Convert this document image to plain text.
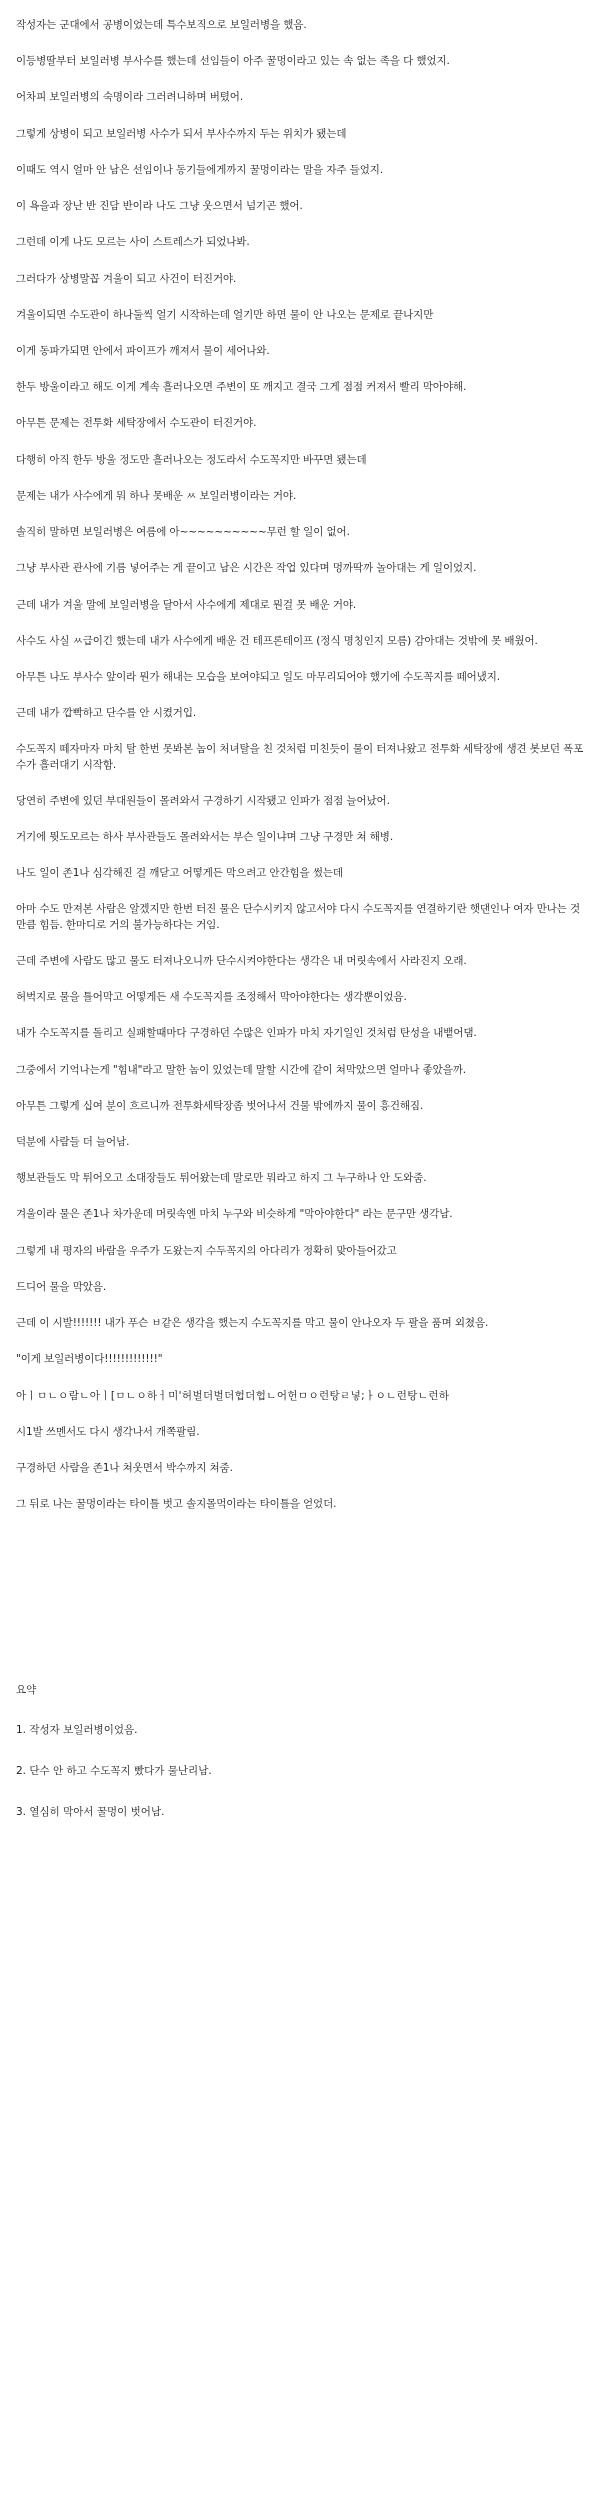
작성자는 군대에서 공병이었는데 특수보직으로 보일러병을 했음.

이등병딸부터 보일러병 부사수를 했는데 선임들이 아주 꿀멍이라고 있는 속 없는 족을 다 했었지.

어차피 보일러병의 숙명이라 그러려니하며 버텼어.

그렇게 상병이 되고 보일러병 사수가 되서 부사수까지 두는 위치가 됐는데

이때도 역시 얼마 안 남은 선임이나 동기들에게까지 꿀멍이라는 말을 자주 들었지.

이 욕을과 장난 반 진담 반이라 나도 그냥 웃으면서 넘기곤 했어.

그런데 이게 나도 모르는 사이 스트레스가 되었나봐.

그러다가 상병말꼽 겨울이 되고 사건이 터진거야.

겨울이되면 수도관이 하나둘씩 얼기 시작하는데 얼기만 하면 물이 안 나오는 문제로 끝나지만

이게 동파가되면 안에서 파이프가 깨져서 물이 세어나와.

한두 방울이라고 해도 이게 계속 흘러나오면 주변이 또 깨지고 결국 그게 점점 커져서 빨리 막아야해.

아무튼 문제는 전투화 세탁장에서 수도관이 터진거야.

다행히 아직 한두 방울 정도만 흘러나오는 정도라서 수도꼭지만 바꾸면 됐는데

문제는 내가 사수에게 뭐 하나 못배운 ㅆ 보일러병이라는 거야.

솔직히 말하면 보일러병은 여름에 아~~~~~~~~~~무런 할 일이 없어.

그냥 부사관 관사에 기름 넣어주는 게 끝이고 남은 시간은 작업 있다며 멍까딱까 놀아대는 게 일이었지.

근데 내가 겨울 말에 보일러병을 달아서 사수에게 제대로 뭔걸 못 배운 거야.

사수도 사실 ㅆ급이긴 했는데 내가 사수에게 배운 건 테프론테이프 (정식 명칭인지 모름) 감아대는 것밖에 못 배웠어.

아무튼 나도 부사수 앞이라 뭔가 해내는 모습을 보여야되고 일도 마무리되어야 했기에 수도꼭지를 떼어냈지.

근데 내가 깝빡하고 단수를 안 시켰거입.

수도꼭지 떼자마자 마치 탈 한번 못봐본 놈이 처녀탈을 친 것처럼 미친듯이 물이 터져나왔고 전투화 세탁장에 생견 봇보던 폭포수가 흘러대기 시작함.

당연히 주변에 있던 부대원들이 몰려와서 구경하기 시작됐고 인파가 점점 늘어났어.

거기에 뭣도모르는 하사 부사관들도 몰려와서는 부슨 일이냐며 그냥 구경만 쳐 해병.

나도 일이 존1나 심각해진 걸 깨닫고 어떻게든 막으려고 안간힘을 썼는데

아마 수도 만져본 사람은 알겠지만 한번 터진 물은 단수시키지 않고서야 다시 수도꼭지를 연결하기란 햇댄인나 여자 만나는 것만큼 힘듬. 한마디로 거의 불가능하다는 거임.

근데 주변에 사람도 많고 물도 터져나오니까 단수시켜야한다는 생각은 내 머릿속에서 사라진지 오래.

허벅지로 물을 틀어막고 어떻게든 새 수도꼭지를 조정해서 막아야한다는 생각뿐이었음.

내가 수도꼭지를 돌리고 실패할때마다 구경하던 수많은 인파가 마치 자기일인 것처럼 탄성을 내뱉어댐.

그중에서 기억나는게 "힘내"라고 말한 놈이 있었는데 말할 시간에 같이 쳐막았으면 얼마나 좋았을까.

아무튼 그렇게 십여 분이 흐르니까 전투화세탁장좀 벗어나서 건물 밖에까지 물이 흥건해짐.

덕분에 사람들 더 늘어남.

행보관들도 막 튀어오고 소대장들도 튀어왔는데 말로만 뭐라고 하지 그 누구하나 안 도와줌.

겨울이라 물은 존1나 차가운데 머릿속엔 마치 누구와 비슷하게 "막아야한다" 라는 문구만 생각남.

그렇게 내 평자의 바람을 우주가 도왔는지 수두꼭지의 아다리가 정확히 맞아들어갔고

드디어 물을 막았음.

근데 이 시발!!!!!!! 내가 푸슨 ㅂ같은 생각을 했는지 수도꼭지를 막고 물이 안나오자 두 팔을 품며 외쳤음.

"이게 보일러병이다!!!!!!!!!!!!!"

아ㅣㅁㄴㅇ람ㄴ아ㅣ[ㅁㄴㅇ하ㅓ미'허벌더벌더헙더헙ㄴ어헌ㅁㅇ런탕ㄹ넣;ㅏㅇㄴ런탕ㄴ런하

시1발 쓰멘서도 다시 생각나서 개쪽팔림.

구경하던 사람을 존1나 쳐웃면서 박수까지 쳐줌.

그 뒤로 나는 꿀멍이라는 타이틀 벗고 솔지몰먹이라는 타이틀을 얻었더.

요약
1. 작성자 보일러병이었음.
2. 단수 안 하고 수도꼭지 빴다가 물난리남.
3. 열심히 막아서 꿀멍이 벗어남.
